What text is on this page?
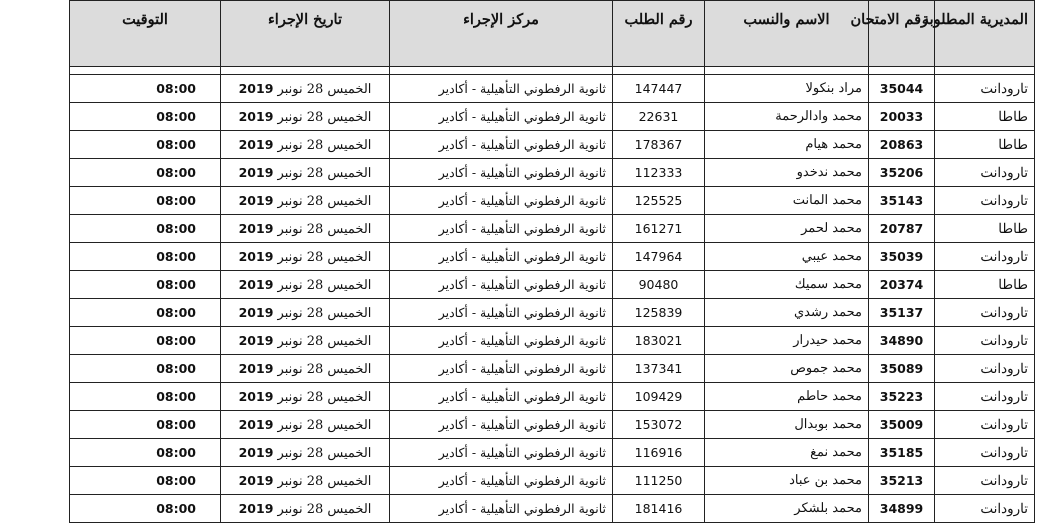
المديرية المطلوبة	رقم الامتحان	الاسم والنسب	رقم الطلب	مركز الإجراء	تاريخ الإجراء	التوقيت

تارودانت	35044	مراد بنكولا	147447	ثانوية الرفطوني التأهيلية - أكادير	الخميس 28 نونبر 2019	08:00
طاطا	20033	محمد وادالرحمة	22631	ثانوية الرفطوني التأهيلية - أكادير	الخميس 28 نونبر 2019	08:00
طاطا	20863	محمد هيام	178367	ثانوية الرفطوني التأهيلية - أكادير	الخميس 28 نونبر 2019	08:00
تارودانت	35206	محمد ندخدو	112333	ثانوية الرفطوني التأهيلية - أكادير	الخميس 28 نونبر 2019	08:00
تارودانت	35143	محمد المانت	125525	ثانوية الرفطوني التأهيلية - أكادير	الخميس 28 نونبر 2019	08:00
طاطا	20787	محمد لحمر	161271	ثانوية الرفطوني التأهيلية - أكادير	الخميس 28 نونبر 2019	08:00
تارودانت	35039	محمد عيبي	147964	ثانوية الرفطوني التأهيلية - أكادير	الخميس 28 نونبر 2019	08:00
طاطا	20374	محمد سميك	90480	ثانوية الرفطوني التأهيلية - أكادير	الخميس 28 نونبر 2019	08:00
تارودانت	35137	محمد رشدي	125839	ثانوية الرفطوني التأهيلية - أكادير	الخميس 28 نونبر 2019	08:00
تارودانت	34890	محمد حيدرار	183021	ثانوية الرفطوني التأهيلية - أكادير	الخميس 28 نونبر 2019	08:00
تارودانت	35089	محمد جموص	137341	ثانوية الرفطوني التأهيلية - أكادير	الخميس 28 نونبر 2019	08:00
تارودانت	35223	محمد حاطم	109429	ثانوية الرفطوني التأهيلية - أكادير	الخميس 28 نونبر 2019	08:00
تارودانت	35009	محمد بوبدال	153072	ثانوية الرفطوني التأهيلية - أكادير	الخميس 28 نونبر 2019	08:00
تارودانت	35185	محمد نمغ	116916	ثانوية الرفطوني التأهيلية - أكادير	الخميس 28 نونبر 2019	08:00
تارودانت	35213	محمد بن عباد	111250	ثانوية الرفطوني التأهيلية - أكادير	الخميس 28 نونبر 2019	08:00
تارودانت	34899	محمد بلشكر	181416	ثانوية الرفطوني التأهيلية - أكادير	الخميس 28 نونبر 2019	08:00
